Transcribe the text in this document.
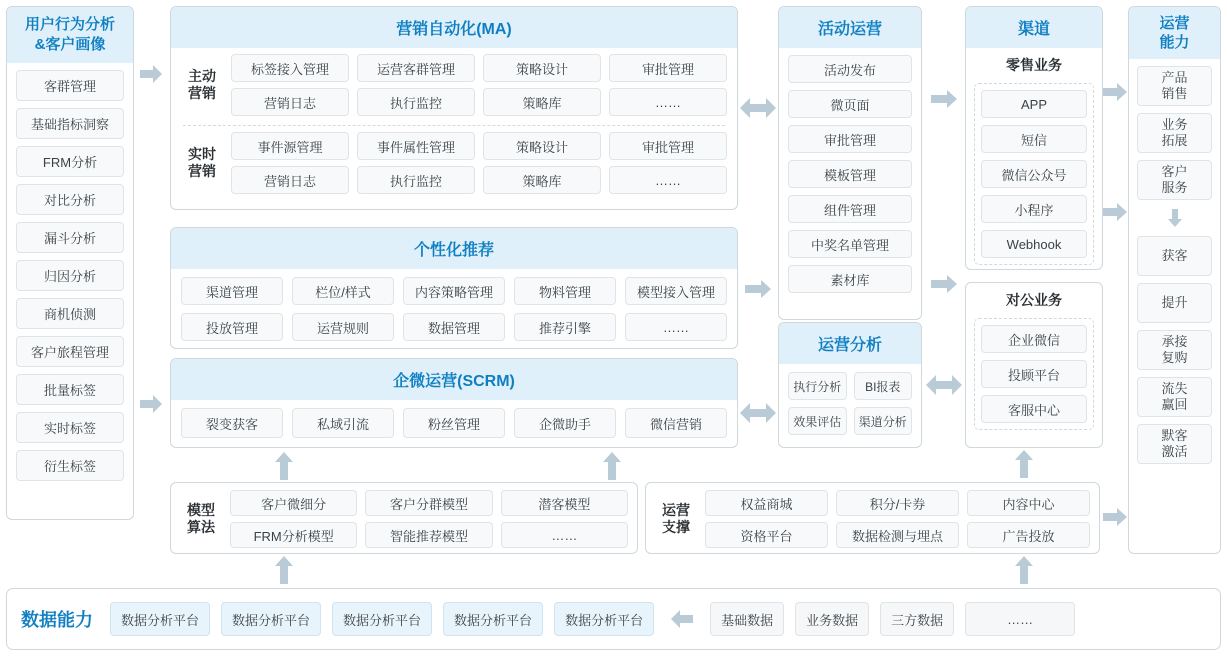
用户行为分析
&客户画像
客群管理
基础指标洞察
FRM分析
对比分析
漏斗分析
归因分析
商机侦测
客户旅程管理
批量标签
实时标签
衍生标签
营销自动化(MA)
主动
营销
标签接入管理	运营客群管理	策略设计	审批管理
营销日志	执行监控	策略库	……
实时
营销
事件源管理	事件属性管理	策略设计	审批管理
营销日志	执行监控	策略库	……
个性化推荐
渠道管理	栏位/样式	内容策略管理	物料管理	模型接入管理
投放管理	运营规则	数据管理	推荐引擎	……
企微运营(SCRM)
裂变获客	私域引流	粉丝管理	企微助手	微信营销
模型
算法
客户微细分	客户分群模型	潜客模型
FRM分析模型	智能推荐模型	……
运营
支撑
权益商城	积分/卡券	内容中心
资格平台	数据检测与埋点	广告投放
活动运营
活动发布
微页面
审批管理
模板管理
组件管理
中奖名单管理
素材库
运营分析
执行分析	BI报表
效果评估	渠道分析
渠道
零售业务
APP
短信
微信公众号
小程序
Webhook
对公业务
企业微信
投顾平台
客服中心
运营
能力
产品
销售
业务
拓展
客户
服务
获客
提升
承接
复购
流失
赢回
默客
激活
数据能力	数据分析平台	数据分析平台	数据分析平台	数据分析平台	数据分析平台	基础数据	业务数据	三方数据	……
